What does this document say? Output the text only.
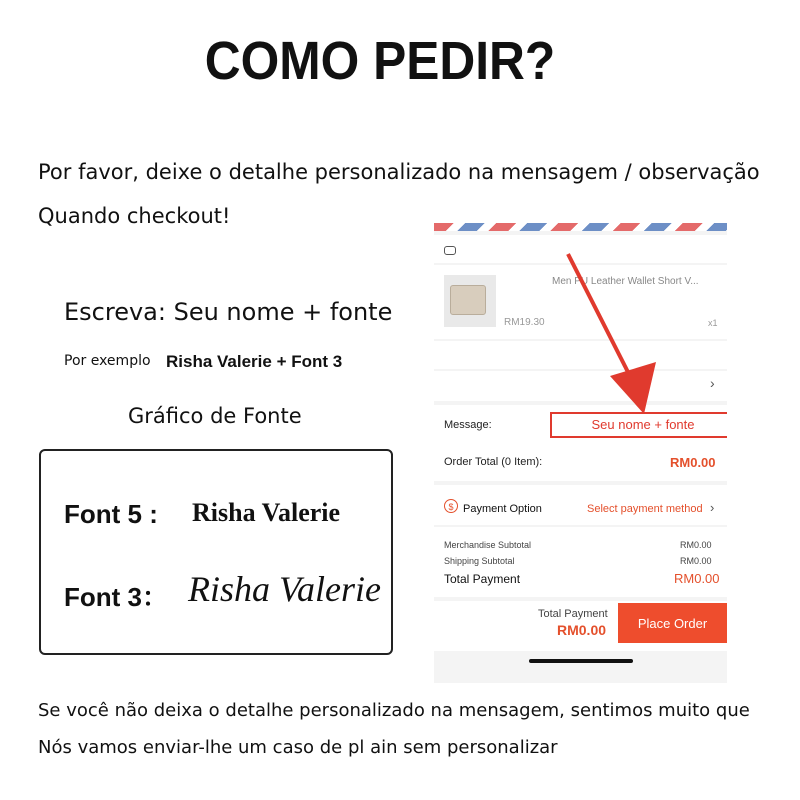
COMO PEDIR?
Por favor, deixe o detalhe personalizado na mensagem / observação
Quando checkout!
Escreva: Seu nome + fonte
Por exemplo Risha Valerie + Font 3
Gráfico de Fonte
Font 5 : Risha Valerie
Font 3： Risha Valerie
Men PU Leather Wallet Short V...
RM19.30	x1
›
Message:	Seu nome + fonte
Order Total (0 Item):	RM0.00
$ Payment Option	Select payment method ›
Merchandise Subtotal	RM0.00
Shipping Subtotal	RM0.00
Total Payment	RM0.00
Total Payment
RM0.00	Place Order
Se você não deixa o detalhe personalizado na mensagem, sentimos muito que
Nós vamos enviar-lhe um caso de pl ain sem personalizar
